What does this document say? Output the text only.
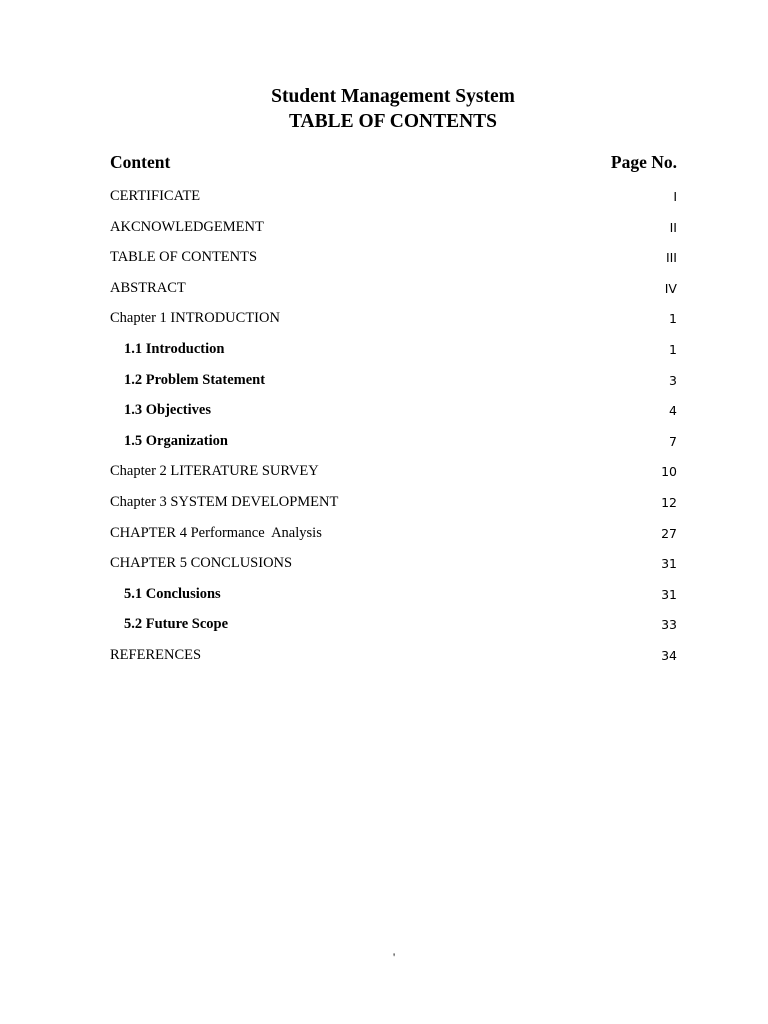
Student Management System
TABLE OF CONTENTS
Content	Page No.
CERTIFICATE	I
AKCNOWLEDGEMENT	II
TABLE OF CONTENTS	III
ABSTRACT	IV
Chapter 1 INTRODUCTION	1
1.1 Introduction	1
1.2 Problem Statement	3
1.3 Objectives	4
1.5 Organization	7
Chapter 2 LITERATURE SURVEY	10
Chapter 3 SYSTEM DEVELOPMENT	12
CHAPTER 4 Performance  Analysis	27
CHAPTER 5 CONCLUSIONS	31
5.1 Conclusions	31
5.2 Future Scope	33
REFERENCES	34
'
